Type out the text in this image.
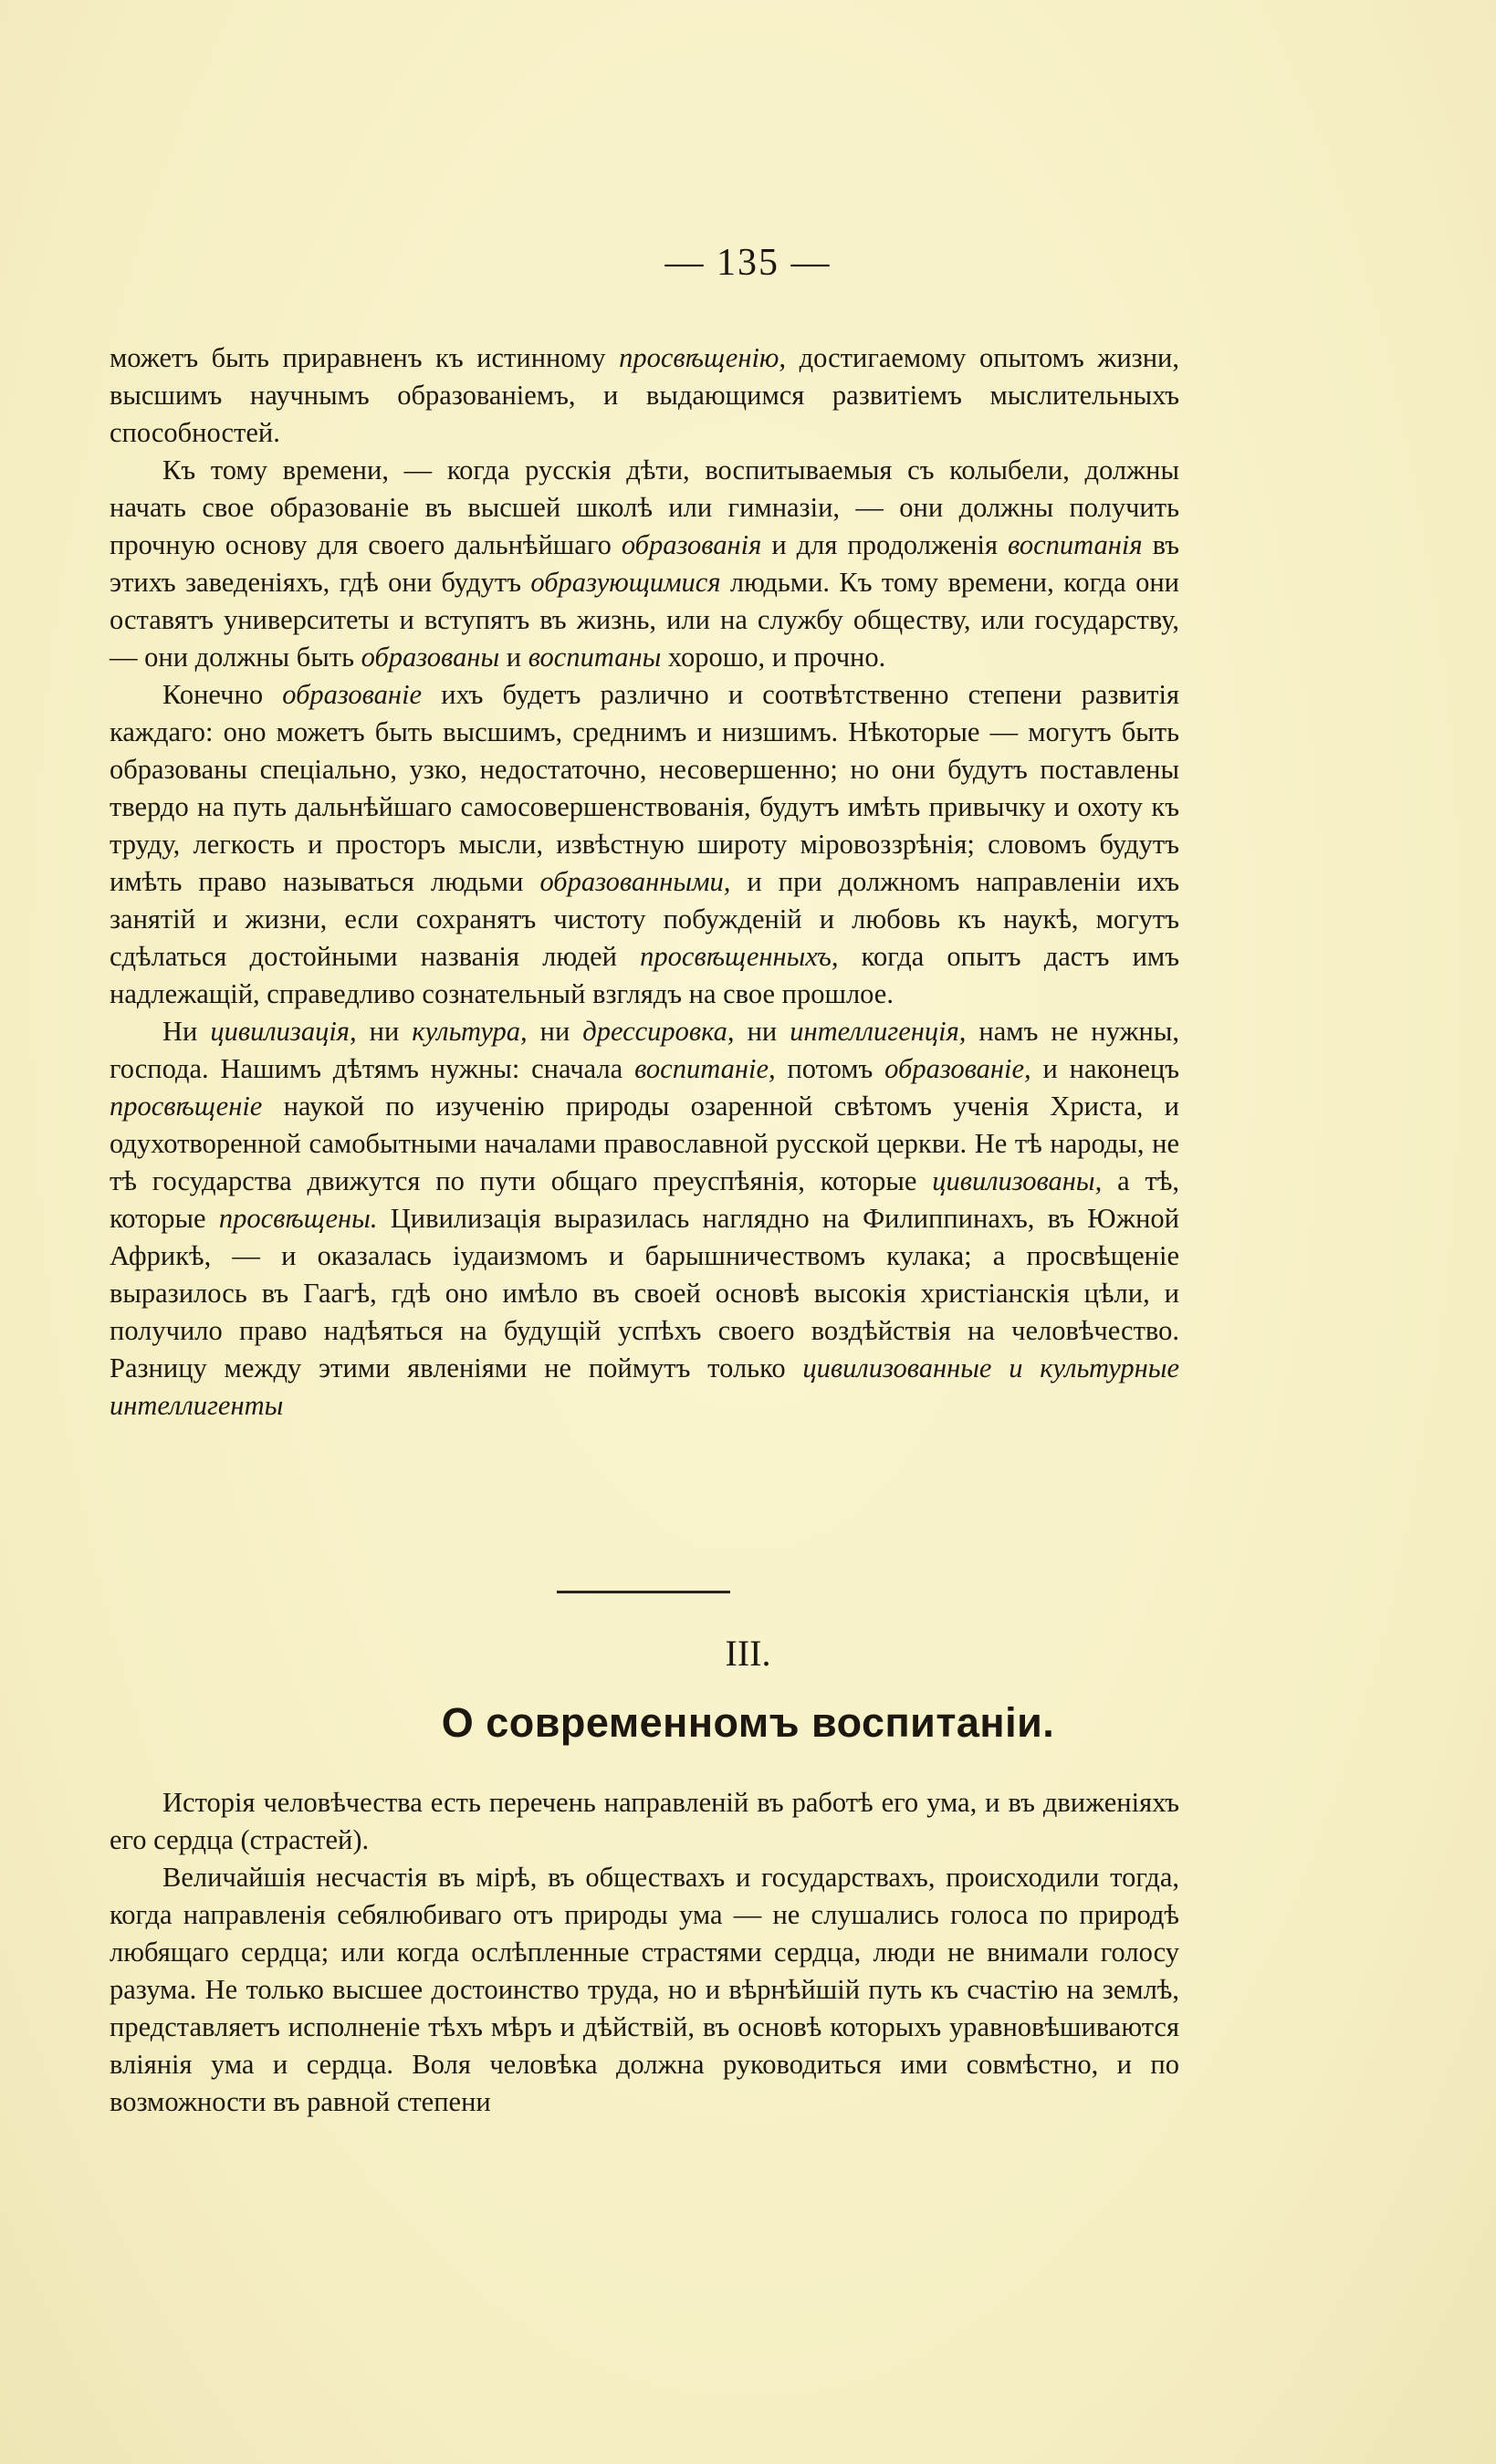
— 135 —

можетъ быть приравненъ къ истинному просвѣщенію, достигаемому опытомъ жизни, высшимъ научнымъ образованіемъ, и выдающимся развитіемъ мыслительныхъ способностей.

Къ тому времени, — когда русскія дѣти, воспитываемыя съ колыбели, должны начать свое образованіе въ высшей школѣ или гимназіи, — они должны получить прочную основу для своего дальнѣйшаго образованія и для продолженія воспитанія въ этихъ заведеніяхъ, гдѣ они будутъ образующимися людьми. Къ тому времени, когда они оставятъ университеты и вступятъ въ жизнь, или на службу обществу, или государству, — они должны быть образованы и воспитаны хорошо, и прочно.

Конечно образованіе ихъ будетъ различно и соотвѣтственно степени развитія каждаго: оно можетъ быть высшимъ, среднимъ и низшимъ. Нѣкоторые — могутъ быть образованы спеціально, узко, недостаточно, несовершенно; но они будутъ поставлены твердо на путь дальнѣйшаго самосовершенствованія, будутъ имѣть привычку и охоту къ труду, легкость и просторъ мысли, извѣстную широту міровоззрѣнія; словомъ будутъ имѣть право называться людьми образованными, и при должномъ направленіи ихъ занятій и жизни, если сохранятъ чистоту побужденій и любовь къ наукѣ, могутъ сдѣлаться достойными названія людей просвѣщенныхъ, когда опытъ дастъ имъ надлежащій, справедливо сознательный взглядъ на свое прошлое.

Ни цивилизація, ни культура, ни дрессировка, ни интеллигенція, намъ не нужны, господа. Нашимъ дѣтямъ нужны: сначала воспитаніе, потомъ образованіе, и наконецъ просвѣщеніе наукой по изученію природы озаренной свѣтомъ ученія Христа, и одухотворенной самобытными началами православной русской церкви. Не тѣ народы, не тѣ государства движутся по пути общаго преуспѣянія, которые цивилизованы, а тѣ, которые просвѣщены. Цивилизація выразилась наглядно на Филиппинахъ, въ Южной Африкѣ, — и оказалась іудаизмомъ и барышничествомъ кулака; а просвѣщеніе выразилось въ Гаагѣ, гдѣ оно имѣло въ своей основѣ высокія христіанскія цѣли, и получило право надѣяться на будущій успѣхъ своего воздѣйствія на человѣчество. Разницу между этими явленіями не поймутъ только цивилизованные и культурные интеллигенты

III.
О современномъ воспитаніи.

Исторія человѣчества есть перечень направленій въ работѣ его ума, и въ движеніяхъ его сердца (страстей).

Величайшія несчастія въ мірѣ, въ обществахъ и государствахъ, происходили тогда, когда направленія себялюбиваго отъ природы ума — не слушались голоса по природѣ любящаго сердца; или когда ослѣпленные страстями сердца, люди не внимали голосу разума. Не только высшее достоинство труда, но и вѣрнѣйшій путь къ счастію на землѣ, представляетъ исполненіе тѣхъ мѣръ и дѣйствій, въ основѣ которыхъ уравновѣшиваются вліянія ума и сердца. Воля человѣка должна руководиться ими совмѣстно, и по возможности въ равной степени
